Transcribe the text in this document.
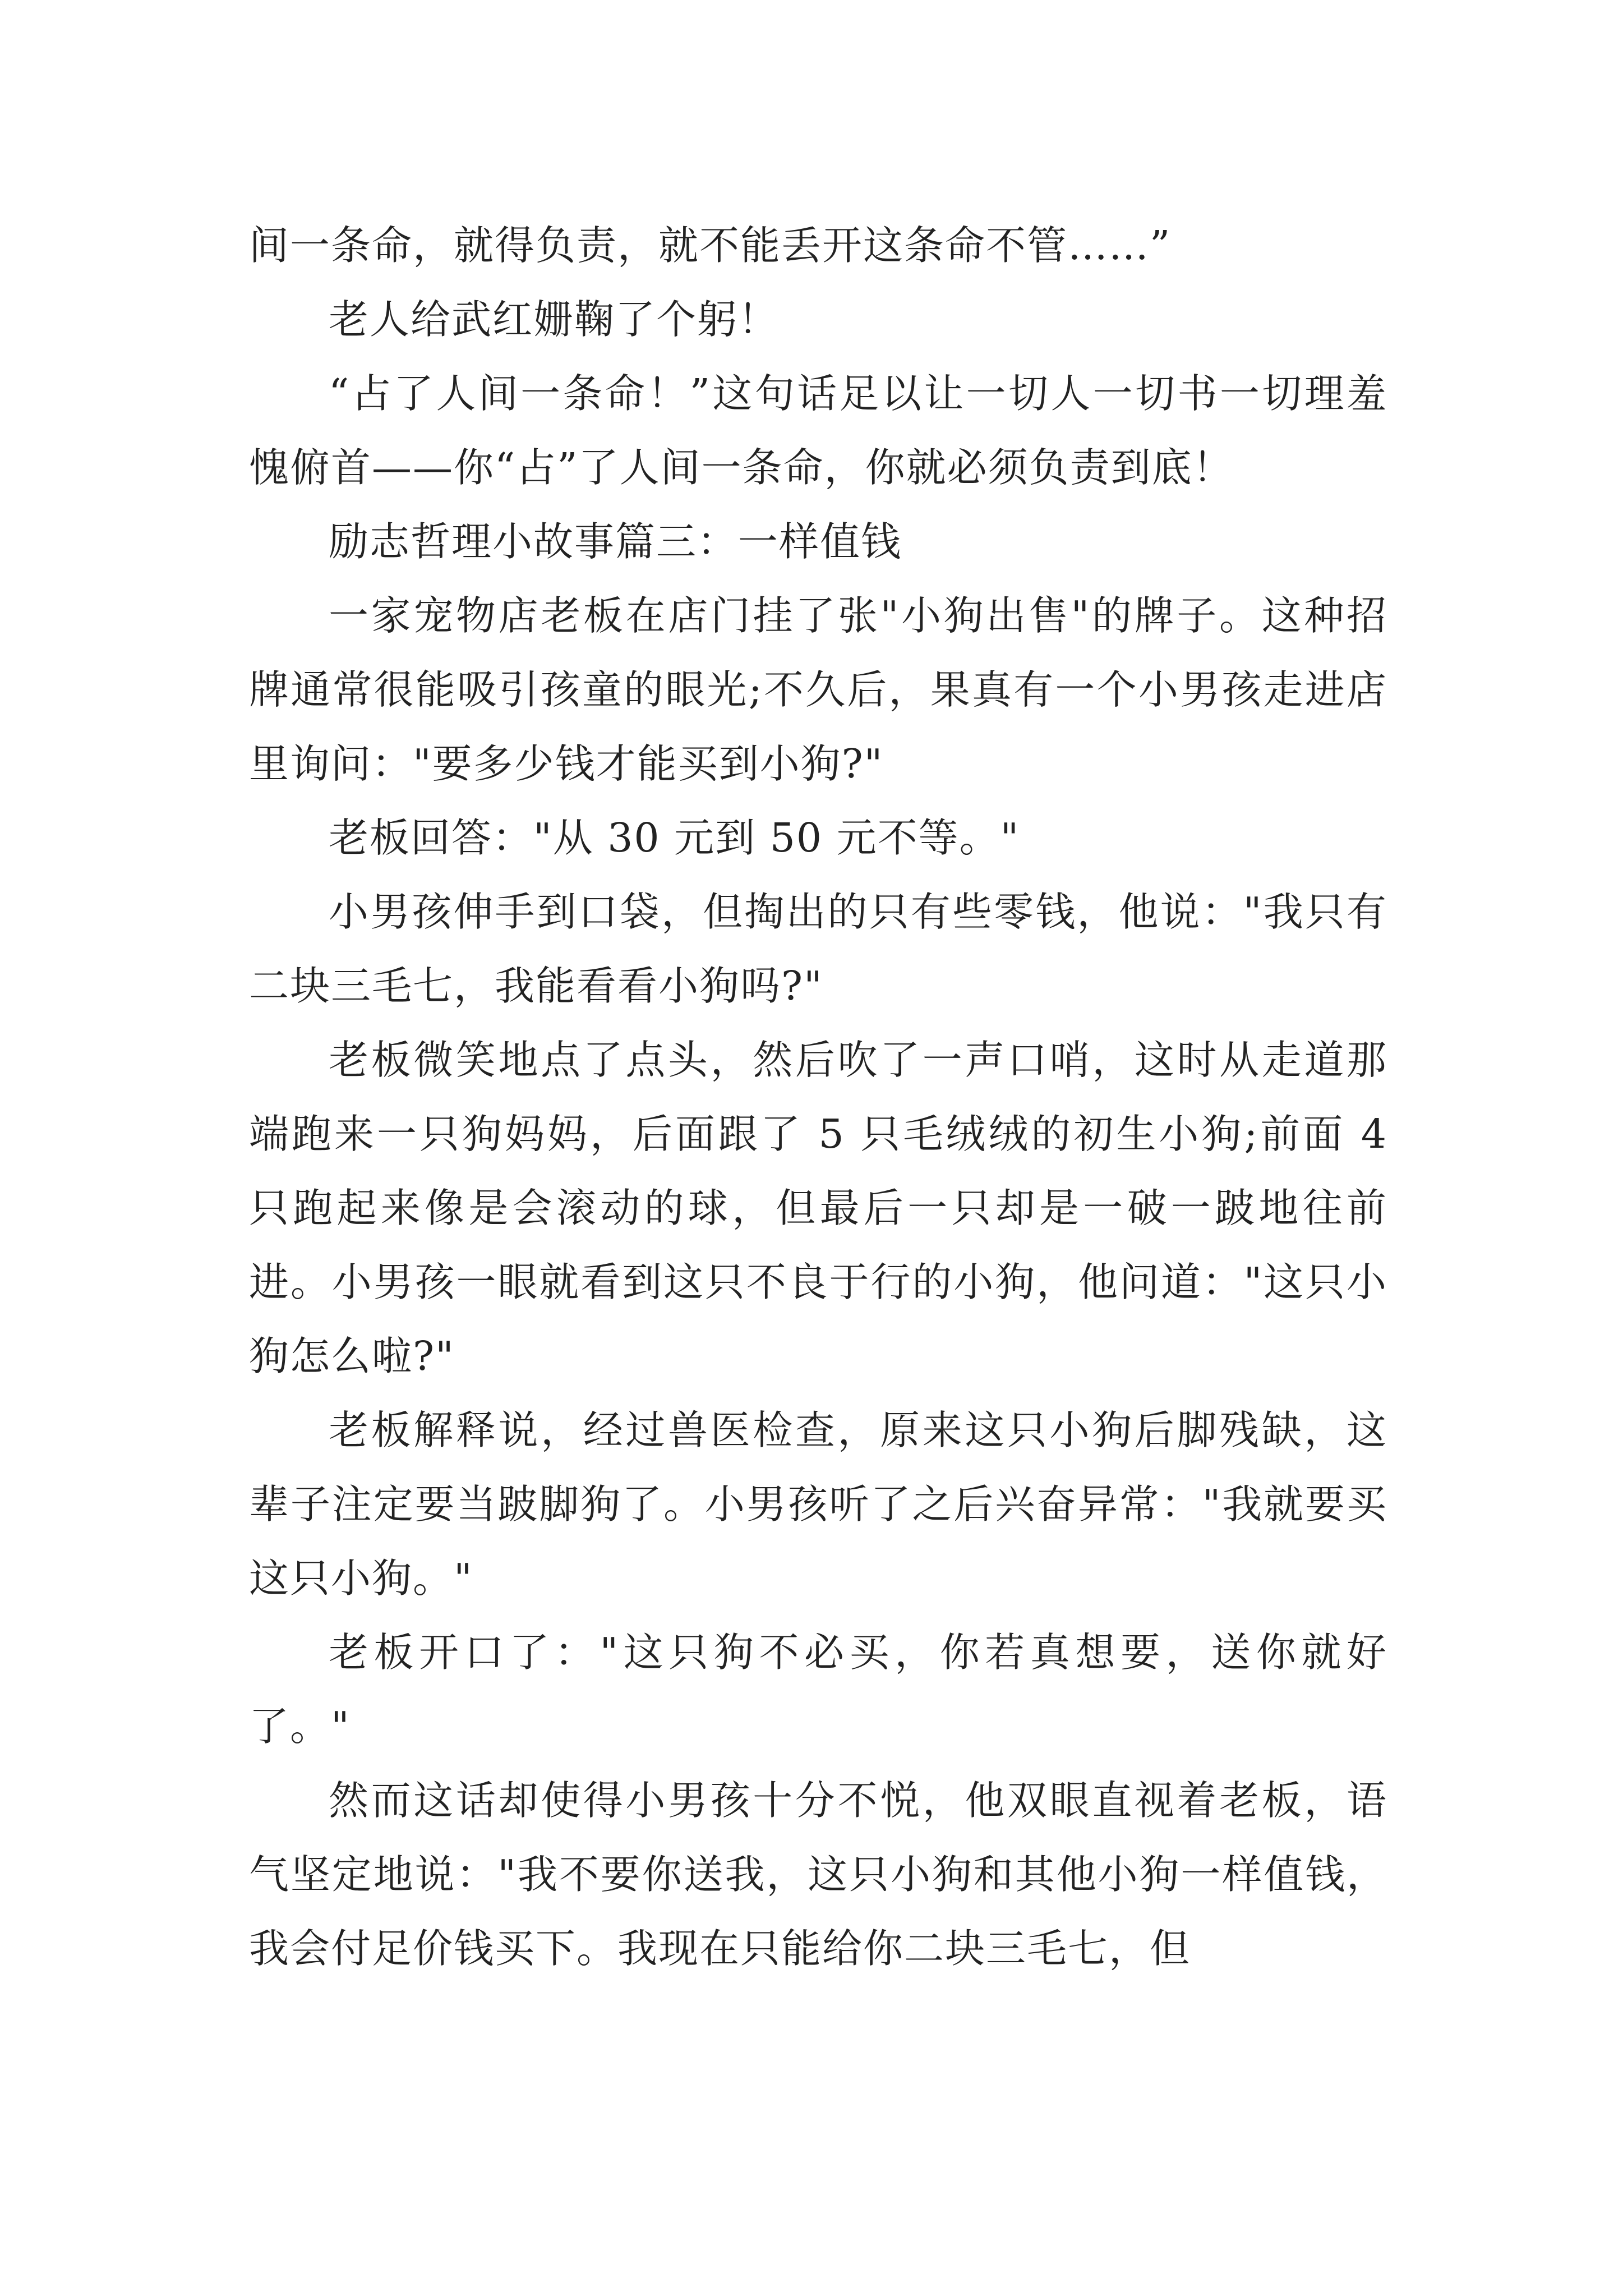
间一条命，就得负责，就不能丢开这条命不管……”

老人给武红姗鞠了个躬！

“占了人间一条命！”这句话足以让一切人一切书一切理羞愧俯首——你“占”了人间一条命，你就必须负责到底！

励志哲理小故事篇三：一样值钱

一家宠物店老板在店门挂了张"小狗出售"的牌子。这种招牌通常很能吸引孩童的眼光;不久后，果真有一个小男孩走进店里询问："要多少钱才能买到小狗?"

老板回答："从 30 元到 50 元不等。"

小男孩伸手到口袋，但掏出的只有些零钱，他说："我只有二块三毛七，我能看看小狗吗?"

老板微笑地点了点头，然后吹了一声口哨，这时从走道那端跑来一只狗妈妈，后面跟了 5 只毛绒绒的初生小狗;前面 4 只跑起来像是会滚动的球，但最后一只却是一破一跛地往前进。小男孩一眼就看到这只不良于行的小狗，他问道："这只小狗怎么啦?"

老板解释说，经过兽医检查，原来这只小狗后脚残缺，这辈子注定要当跛脚狗了。小男孩听了之后兴奋异常："我就要买这只小狗。"

老板开口了："这只狗不必买，你若真想要，送你就好了。"

然而这话却使得小男孩十分不悦，他双眼直视着老板，语气坚定地说："我不要你送我，这只小狗和其他小狗一样值钱，我会付足价钱买下。我现在只能给你二块三毛七，但
